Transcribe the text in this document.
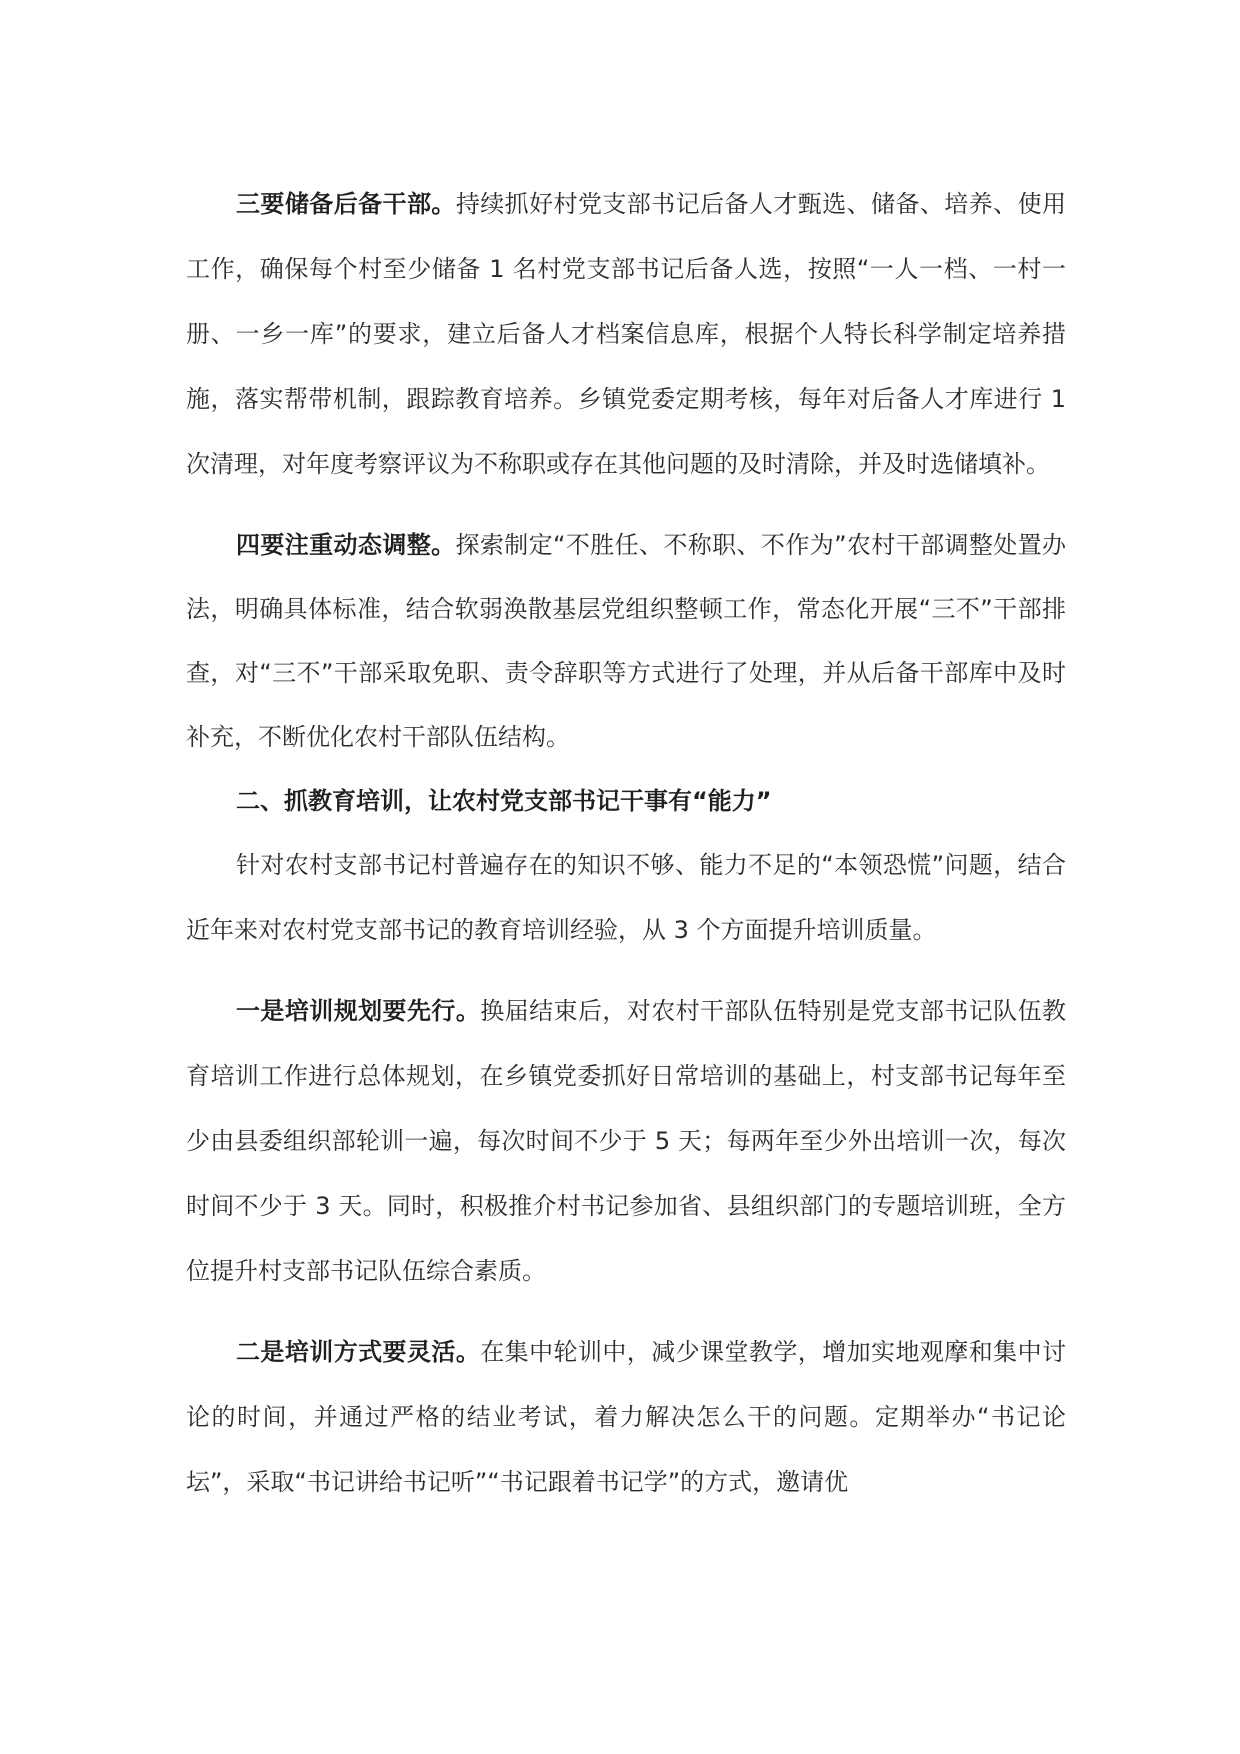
三要储备后备干部。持续抓好村党支部书记后备人才甄选、储备、培养、使用工作，确保每个村至少储备 1 名村党支部书记后备人选，按照“一人一档、一村一册、一乡一库”的要求，建立后备人才档案信息库，根据个人特长科学制定培养措施，落实帮带机制，跟踪教育培养。乡镇党委定期考核，每年对后备人才库进行 1 次清理，对年度考察评议为不称职或存在其他问题的及时清除，并及时选储填补。

四要注重动态调整。探索制定“不胜任、不称职、不作为”农村干部调整处置办法，明确具体标准，结合软弱涣散基层党组织整顿工作，常态化开展“三不”干部排查，对“三不”干部采取免职、责令辞职等方式进行了处理，并从后备干部库中及时补充，不断优化农村干部队伍结构。

二、抓教育培训，让农村党支部书记干事有“能力”

针对农村支部书记村普遍存在的知识不够、能力不足的“本领恐慌”问题，结合近年来对农村党支部书记的教育培训经验，从 3 个方面提升培训质量。

一是培训规划要先行。换届结束后，对农村干部队伍特别是党支部书记队伍教育培训工作进行总体规划，在乡镇党委抓好日常培训的基础上，村支部书记每年至少由县委组织部轮训一遍，每次时间不少于 5 天；每两年至少外出培训一次，每次时间不少于 3 天。同时，积极推介村书记参加省、县组织部门的专题培训班，全方位提升村支部书记队伍综合素质。

二是培训方式要灵活。在集中轮训中，减少课堂教学，增加实地观摩和集中讨论的时间，并通过严格的结业考试，着力解决怎么干的问题。定期举办“书记论坛”，采取“书记讲给书记听”“书记跟着书记学”的方式，邀请优
